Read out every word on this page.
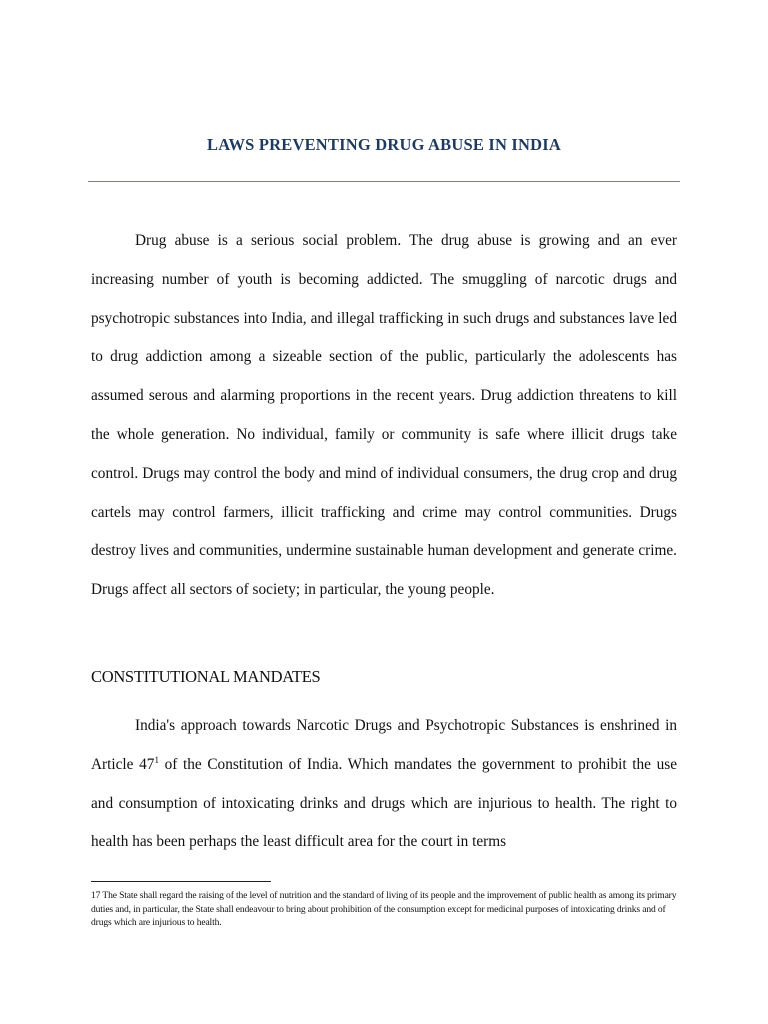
LAWS PREVENTING DRUG ABUSE IN INDIA

Drug abuse is a serious social problem. The drug abuse is growing and an ever increasing number of youth is becoming addicted. The smuggling of narcotic drugs and psychotropic substances into India, and illegal trafficking in such drugs and substances lave led to drug addiction among a sizeable section of the public, particularly the adolescents has assumed serous and alarming proportions in the recent years. Drug addiction threatens to kill the whole generation. No individual, family or community is safe where illicit drugs take control. Drugs may control the body and mind of individual consumers, the drug crop and drug cartels may control farmers, illicit trafficking and crime may control communities. Drugs destroy lives and communities, undermine sustainable human development and generate crime. Drugs affect all sectors of society; in particular, the young people.

CONSTITUTIONAL MANDATES

India's approach towards Narcotic Drugs and Psychotropic Substances is enshrined in Article $47^1$ of the Constitution of India. Which mandates the government to prohibit the use and consumption of intoxicating drinks and drugs which are injurious to health. The right to health has been perhaps the least difficult area for the court in terms

17 The State shall regard the raising of the level of nutrition and the standard of living of its people and the improvement of public health as among its primary duties and, in particular, the State shall endeavour to bring about prohibition of the consumption except for medicinal purposes of intoxicating drinks and of drugs which are injurious to health.
